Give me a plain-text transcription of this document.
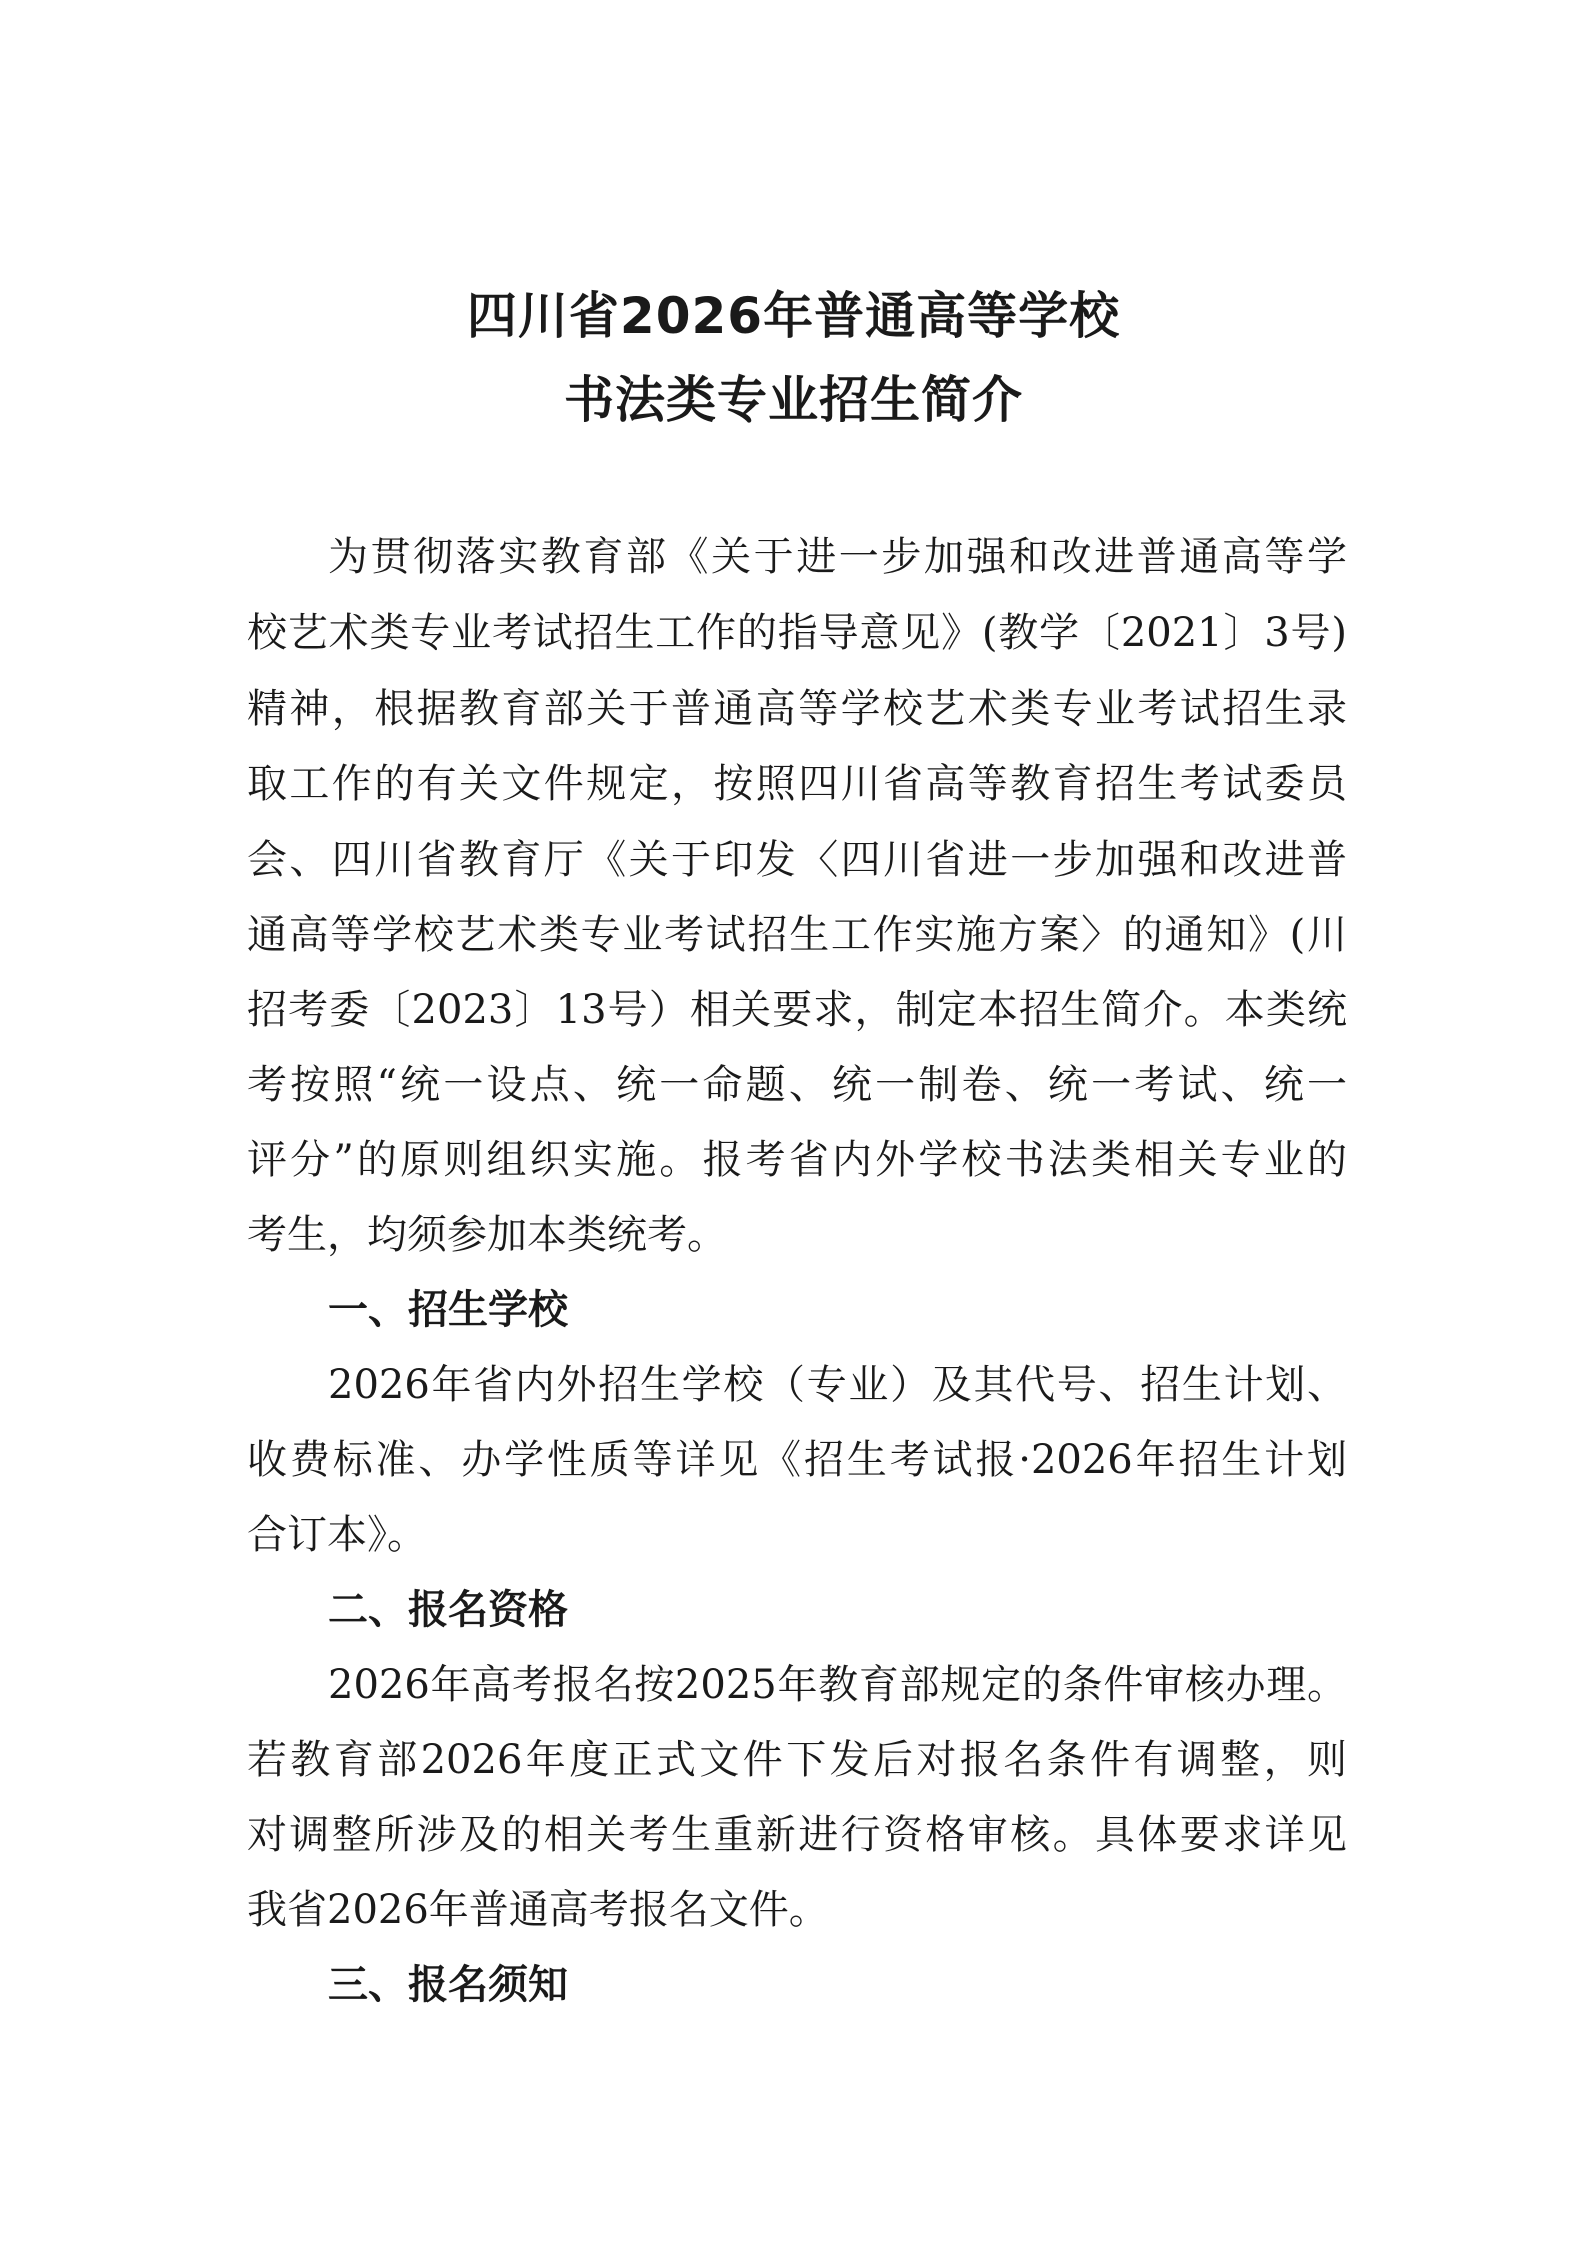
四川省2026年普通高等学校
书法类专业招生简介
为贯彻落实教育部《关于进一步加强和改进普通高等学
校艺术类专业考试招生工作的指导意见》(教学〔2021〕3号)
精神，根据教育部关于普通高等学校艺术类专业考试招生录
取工作的有关文件规定，按照四川省高等教育招生考试委员
会、四川省教育厅《关于印发〈四川省进一步加强和改进普
通高等学校艺术类专业考试招生工作实施方案〉的通知》(川
招考委〔2023〕13号）相关要求，制定本招生简介。本类统
考按照“统一设点、统一命题、统一制卷、统一考试、统一
评分”的原则组织实施。报考省内外学校书法类相关专业的
考生，均须参加本类统考。
一、招生学校
2026年省内外招生学校（专业）及其代号、招生计划、
收费标准、办学性质等详见《招生考试报·2026年招生计划
合订本》。
二、报名资格
2026年高考报名按2025年教育部规定的条件审核办理。
若教育部2026年度正式文件下发后对报名条件有调整，则
对调整所涉及的相关考生重新进行资格审核。具体要求详见
我省2026年普通高考报名文件。
三、报名须知
